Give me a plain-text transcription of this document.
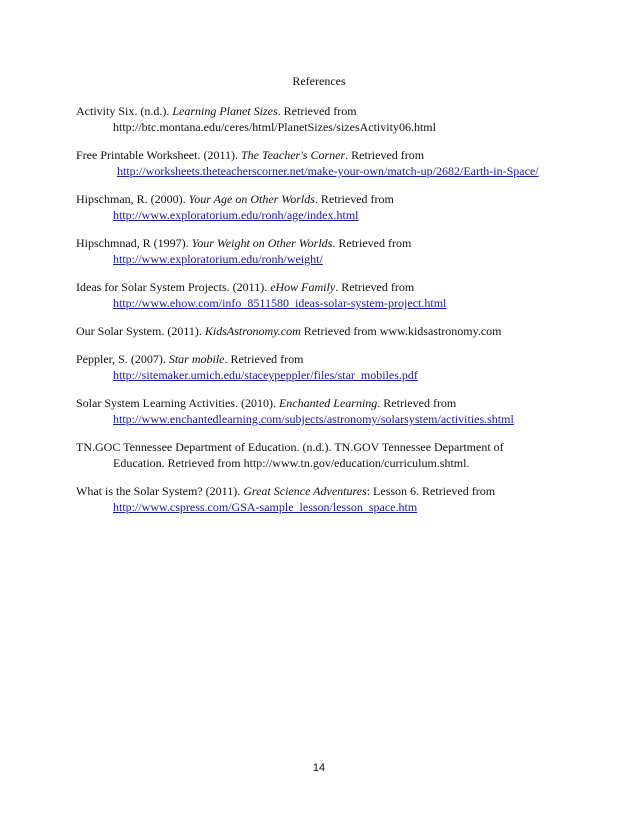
References
Activity Six. (n.d.). Learning Planet Sizes. Retrieved from
http://btc.montana.edu/ceres/html/PlanetSizes/sizesActivity06.html
Free Printable Worksheet. (2011). The Teacher's Corner. Retrieved from
http://worksheets.theteacherscorner.net/make-your-own/match-up/2682/Earth-in-Space/
Hipschman, R. (2000). Your Age on Other Worlds. Retrieved from
http://www.exploratorium.edu/ronh/age/index.html
Hipschmnad, R (1997). Your Weight on Other Worlds. Retrieved from
http://www.exploratorium.edu/ronh/weight/
Ideas for Solar System Projects. (2011). eHow Family. Retrieved from
http://www.ehow.com/info_8511580_ideas-solar-system-project.html
Our Solar System. (2011). KidsAstronomy.com Retrieved from www.kidsastronomy.com
Peppler, S. (2007). Star mobile. Retrieved from
http://sitemaker.umich.edu/staceypeppler/files/star_mobiles.pdf
Solar System Learning Activities. (2010). Enchanted Learning. Retrieved from
http://www.enchantedlearning.com/subjects/astronomy/solarsystem/activities.shtml
TN.GOC Tennessee Department of Education. (n.d.). TN.GOV Tennessee Department of
Education. Retrieved from http://www.tn.gov/education/curriculum.shtml.
What is the Solar System? (2011). Great Science Adventures: Lesson 6. Retrieved from
http://www.cspress.com/GSA-sample_lesson/lesson_space.htm
14
